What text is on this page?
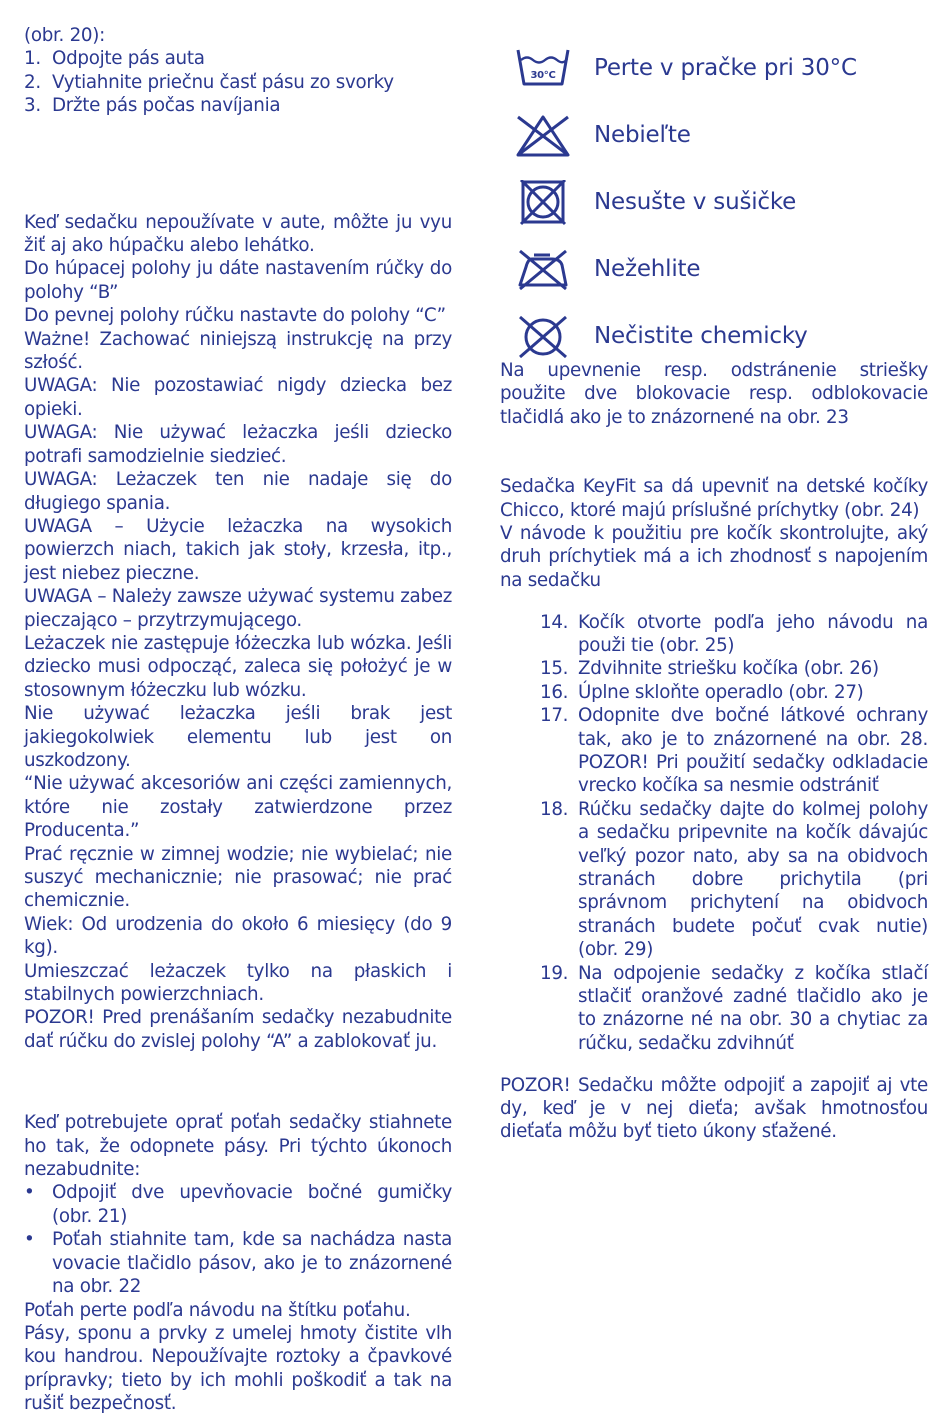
(obr. 20):

1. Odpojte pás auta
2. Vytiahnite priečnu časť pásu zo svorky
3. Držte pás počas navíjania

Keď sedačku nepoužívate v aute, môžte ju vyu žiť aj ako húpačku alebo lehátko.

Do húpacej polohy ju dáte nastavením rúčky do polohy “B”

Do pevnej polohy rúčku nastavte do polohy “C”

Ważne! Zachować niniejszą instrukcję na przy szłość.

UWAGA: Nie pozostawiać nigdy dziecka bez opieki.

UWAGA: Nie używać leżaczka jeśli dziecko potrafi samodzielnie siedzieć.

UWAGA: Leżaczek ten nie nadaje się do długiego spania.

UWAGA – Użycie leżaczka na wysokich powierzch niach, takich jak stoły, krzesła, itp., jest niebez pieczne.

UWAGA – Należy zawsze używać systemu zabez pieczająco – przytrzymującego.

Leżaczek nie zastępuje łóżeczka lub wózka. Jeśli dziecko musi odpocząć, zaleca się położyć je w stosownym łóżeczku lub wózku.

Nie używać leżaczka jeśli brak jest jakiegokolwiek elementu lub jest on uszkodzony.

“Nie używać akcesoriów ani części zamiennych, które nie zostały zatwierdzone przez Producenta.”

Prać ręcznie w zimnej wodzie; nie wybielać; nie suszyć mechanicznie; nie prasować; nie prać chemicznie.

Wiek: Od urodzenia do około 6 miesięcy (do 9 kg).

Umieszczać leżaczek tylko na płaskich i stabilnych powierzchniach.

POZOR! Pred prenášaním sedačky nezabudnite dať rúčku do zvislej polohy “A” a zablokovať ju.

Keď potrebujete oprať poťah sedačky stiahnete ho tak, že odopnete pásy. Pri týchto úkonoch nezabudnite:

• Odpojiť dve upevňovacie bočné gumičky (obr. 21)
• Poťah stiahnite tam, kde sa nachádza nasta vovacie tlačidlo pásov, ako je to znázornené na obr. 22

Poťah perte podľa návodu na štítku poťahu.

Pásy, sponu a prvky z umelej hmoty čistite vlh kou handrou. Nepoužívajte roztoky a čpavkové prípravky; tieto by ich mohli poškodiť a tak na rušiť bezpečnosť.

30°C Perte v pračke pri 30°C
Nebieľte
Nesušte v sušičke
Nežehlite
Nečistite chemicky

Na upevnenie resp. odstránenie striešky použite dve blokovacie resp. odblokovacie tlačidlá ako je to znázornené na obr. 23

Sedačka KeyFit sa dá upevniť na detské kočíky Chicco, ktoré majú príslušné príchytky (obr. 24)

V návode k použitiu pre kočík skontrolujte, aký druh príchytiek má a ich zhodnosť s napojením na sedačku

14. Kočík otvorte podľa jeho návodu na použi tie (obr. 25)
15. Zdvihnite striešku kočíka (obr. 26)
16. Úplne skloňte operadlo (obr. 27)
17. Odopnite dve bočné látkové ochrany tak, ako je to znázornené na obr. 28. POZOR! Pri použití sedačky odkladacie vrecko kočíka sa nesmie odstrániť
18. Rúčku sedačky dajte do kolmej polohy a sedačku pripevnite na kočík dávajúc veľký pozor nato, aby sa na obidvoch stranách dobre prichytila (pri správnom prichytení na obidvoch stranách budete počuť cvak nutie) (obr. 29)
19. Na odpojenie sedačky z kočíka stlačí stlačiť oranžové zadné tlačidlo ako je to znázorne né na obr. 30 a chytiac za rúčku, sedačku zdvihnúť

POZOR! Sedačku môžte odpojiť a zapojiť aj vte dy, keď je v nej dieťa; avšak hmotnosťou dieťaťa môžu byť tieto úkony sťažené.
